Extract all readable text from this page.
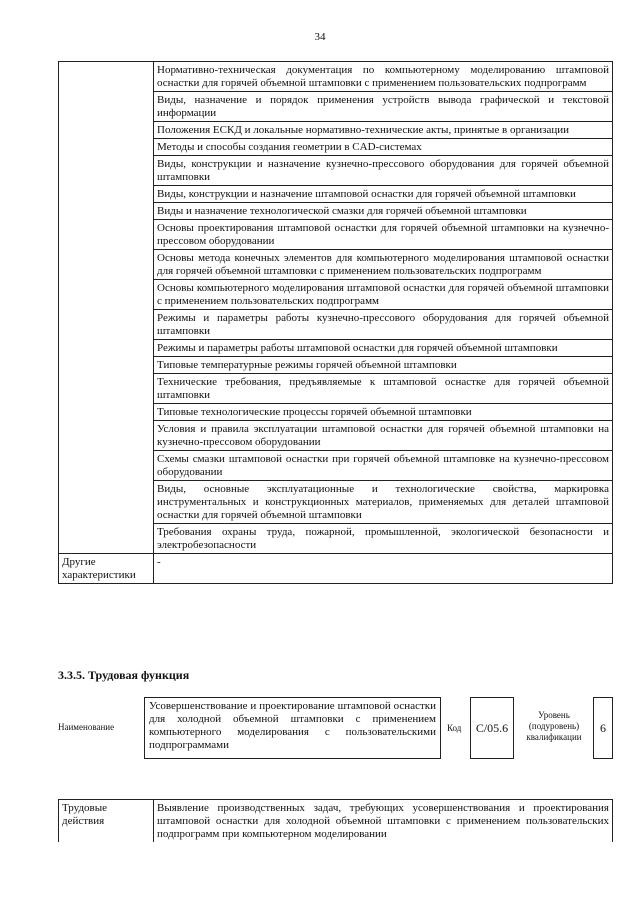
34
	Нормативно-техническая документация по компьютерному моделированию штамповой оснастки для горячей объемной штамповки с применением пользовательских подпрограмм
	Виды, назначение и порядок применения устройств вывода графической и текстовой информации
	Положения ЕСКД и локальные нормативно-технические акты, принятые в организации
	Методы и способы создания геометрии в CAD-системах
	Виды, конструкции и назначение кузнечно-прессового оборудования для горячей объемной штамповки
	Виды, конструкции и назначение штамповой оснастки для горячей объемной штамповки
	Виды и назначение технологической смазки для горячей объемной штамповки
	Основы проектирования штамповой оснастки для горячей объемной штамповки на кузнечно-прессовом оборудовании
	Основы метода конечных элементов для компьютерного моделирования штамповой оснастки для горячей объемной штамповки с применением пользовательских подпрограмм
	Основы компьютерного моделирования штамповой оснастки для горячей объемной штамповки с применением пользовательских подпрограмм
	Режимы и параметры работы кузнечно-прессового оборудования для горячей объемной штамповки
	Режимы и параметры работы штамповой оснастки для горячей объемной штамповки
	Типовые температурные режимы горячей объемной штамповки
	Технические требования, предъявляемые к штамповой оснастке для горячей объемной штамповки
	Типовые технологические процессы горячей объемной штамповки
	Условия и правила эксплуатации штамповой оснастки для горячей объемной штамповки на кузнечно-прессовом оборудовании
	Схемы смазки штамповой оснастки при горячей объемной штамповке на кузнечно-прессовом оборудовании
	Виды, основные эксплуатационные и технологические свойства, маркировка инструментальных и конструкционных материалов, применяемых для деталей штамповой оснастки для горячей объемной штамповки
	Требования охраны труда, пожарной, промышленной, экологической безопасности и электробезопасности
Другие характеристики	-
3.3.5. Трудовая функция
Наименование
Усовершенствование и проектирование штамповой оснастки для холодной объемной штамповки с применением компьютерного моделирования с пользовательскими подпрограммами
Код	C/05.6
Уровень (подуровень) квалификации
6
Трудовые действия	Выявление производственных задач, требующих усовершенствования и проектирования штамповой оснастки для холодной объемной штамповки с применением пользовательских подпрограмм при компьютерном моделировании
